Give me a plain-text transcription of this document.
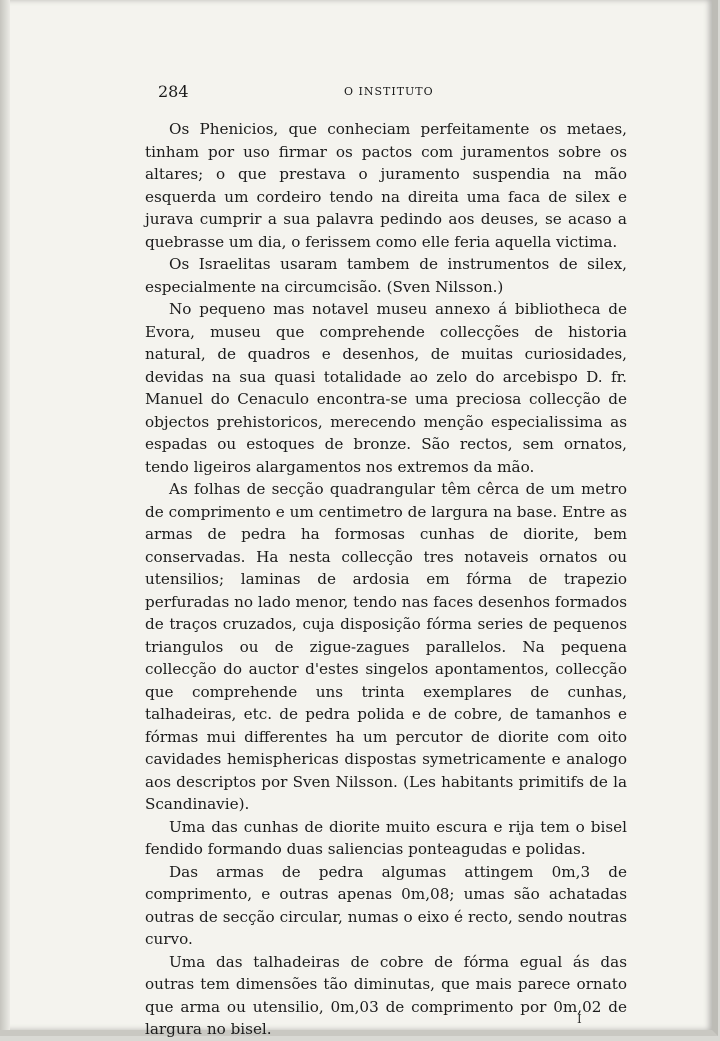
284	O INSTITUTO

Os Phenicios, que conheciam perfeitamente os metaes, tinham por uso firmar os pactos com juramentos sobre os altares; o que prestava o juramento suspendia na mão esquerda um cordeiro tendo na direita uma faca de silex e jurava cumprir a sua palavra pedindo aos deuses, se acaso a quebrasse um dia, o ferissem como elle feria aquella victima.

Os Israelitas usaram tambem de instrumentos de silex, especialmente na circumcisão. (Sven Nilsson.)

No pequeno mas notavel museu annexo á bibliotheca de Evora, museu que comprehende collecções de historia natural, de quadros e desenhos, de muitas curiosidades, devidas na sua quasi totalidade ao zelo do arcebispo D. fr. Manuel do Cenaculo encontra-se uma preciosa collecção de objectos prehistoricos, merecendo menção especialissima as espadas ou estoques de bronze. São rectos, sem ornatos, tendo ligeiros alargamentos nos extremos da mão.

As folhas de secção quadrangular têm cêrca de um metro de comprimento e um centimetro de largura na base. Entre as armas de pedra ha formosas cunhas de diorite, bem conservadas. Ha nesta collecção tres notaveis ornatos ou utensilios; laminas de ardosia em fórma de trapezio perfuradas no lado menor, tendo nas faces desenhos formados de traços cruzados, cuja disposição fórma series de pequenos triangulos ou de zigue-zagues parallelos. Na pequena collecção do auctor d'estes singelos apontamentos, collecção que comprehende uns trinta exemplares de cunhas, talhadeiras, etc. de pedra polida e de cobre, de tamanhos e fórmas mui differentes ha um percutor de diorite com oito cavidades hemisphericas dispostas symetricamente e analogo aos descriptos por Sven Nilsson. (Les habitants primitifs de la Scandinavie).

Uma das cunhas de diorite muito escura e rija tem o bisel fendido formando duas saliencias ponteagudas e polidas.

Das armas de pedra algumas attingem 0m,3 de comprimento, e outras apenas 0m,08; umas são achatadas outras de secção circular, numas o eixo é recto, sendo noutras curvo.

Uma das talhadeiras de cobre de fórma egual ás das outras tem dimensões tão diminutas, que mais parece ornato que arma ou utensilio, 0m,03 de comprimento por 0m,02 de largura no bisel.

I
